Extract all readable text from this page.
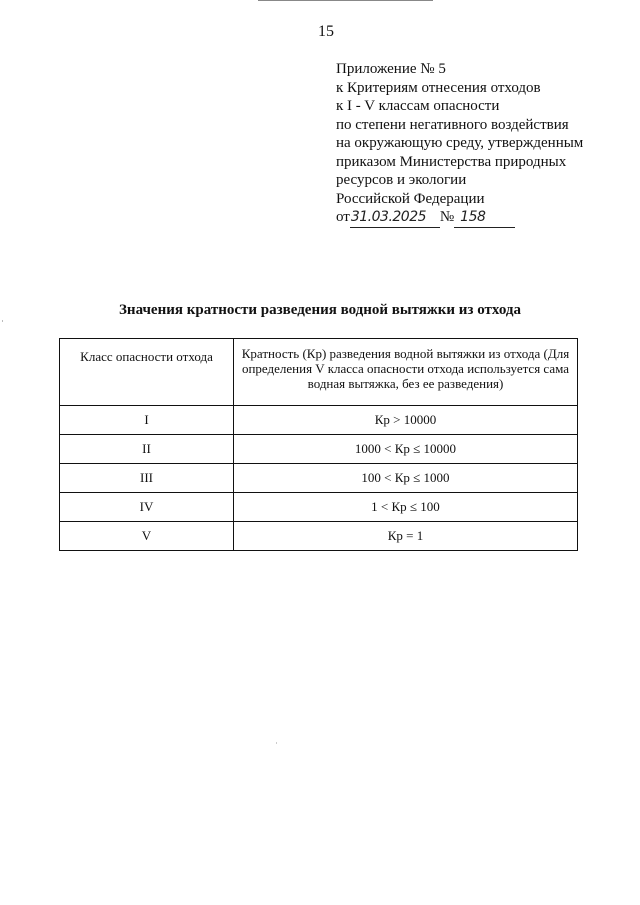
15
Приложение № 5
к Критериям отнесения отходов
к I - V классам опасности
по степени негативного воздействия
на окружающую среду, утвержденным
приказом Министерства природных
ресурсов и экологии
Российской Федерации
от 31.03.2025 № 158
Значения кратности разведения водной вытяжки из отхода
Класс опасности отхода	Кратность (Кр) разведения водной вытяжки из отхода (Для определения V класса опасности отхода используется сама водная вытяжка, без ее разведения)
I	Кр > 10000
II	1000 < Кр ≤ 10000
III	100 < Кр ≤ 1000
IV	1 < Кр ≤ 100
V	Кр = 1
